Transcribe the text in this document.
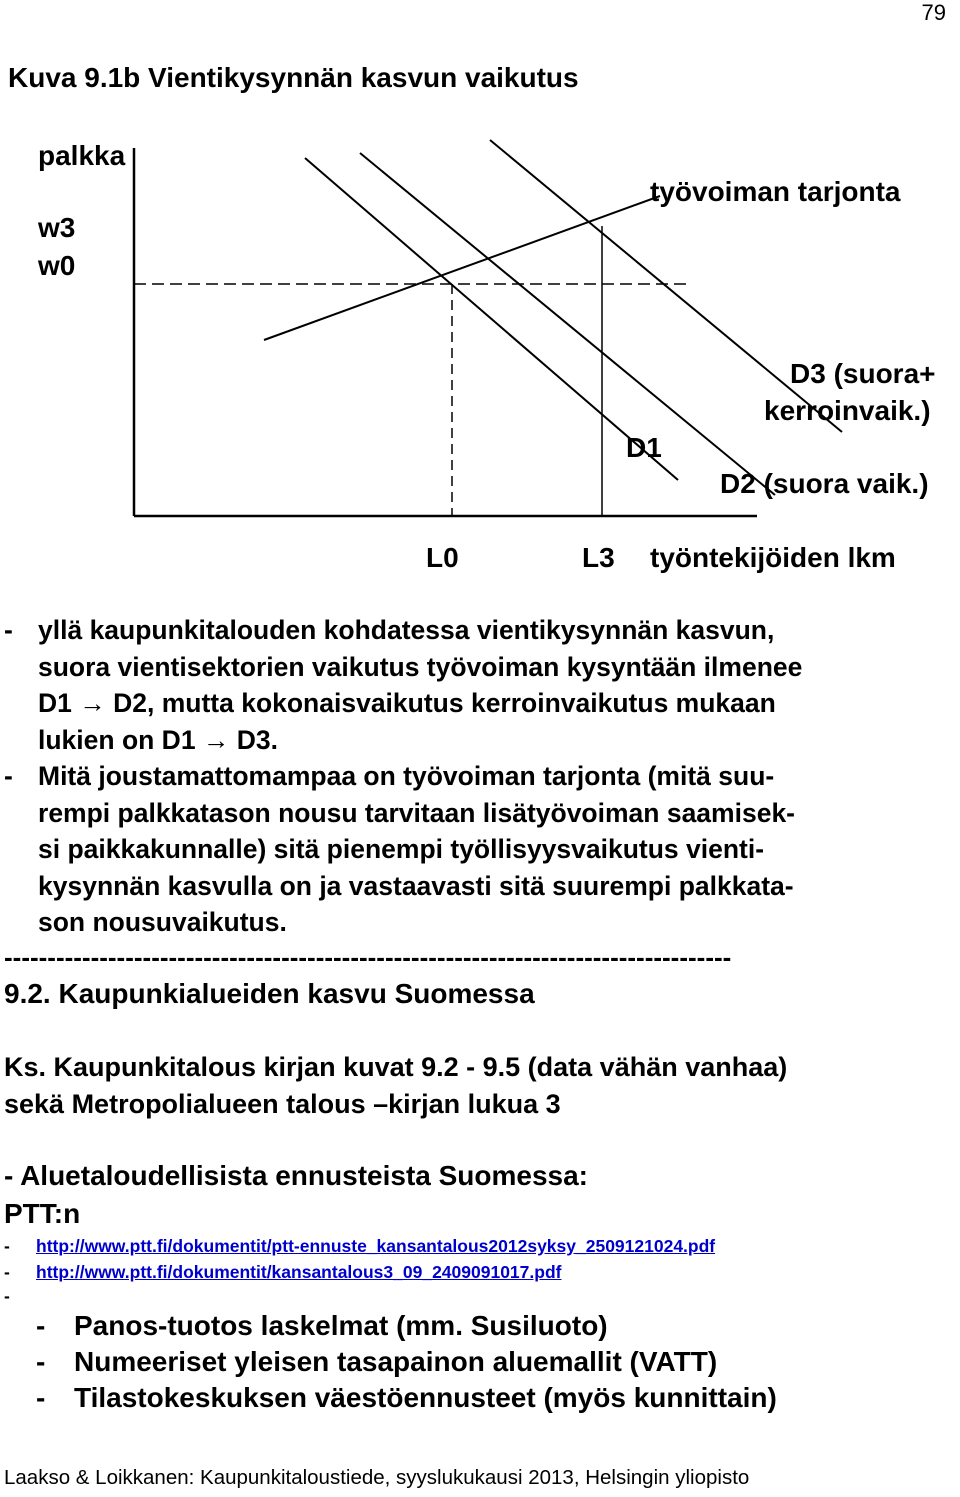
79
Kuva 9.1b Vientikysynnän kasvun vaikutus
palkka
w3
w0
työvoiman tarjonta
D3 (suora+
kerroinvaik.)
D1
D2 (suora vaik.)
L0	L3 työntekijöiden lkm
- yllä kaupunkitalouden kohdatessa vientikysynnän kasvun,
suora vientisektorien vaikutus työvoiman kysyntään ilmenee
D1 → D2, mutta kokonaisvaikutus kerroinvaikutus mukaan
lukien on D1 → D3.
- Mitä joustamattomampaa on työvoiman tarjonta (mitä suu-
rempi palkkatason nousu tarvitaan lisätyövoiman saamisek-
si paikkakunnalle) sitä pienempi työllisyysvaikutus vienti-
kysynnän kasvulla on ja vastaavasti sitä suurempi palkkata-
son nousuvaikutus.
------------------------------------------------------------------------------------
9.2. Kaupunkialueiden kasvu Suomessa
Ks. Kaupunkitalous kirjan kuvat 9.2 - 9.5 (data vähän vanhaa)
sekä Metropolialueen talous –kirjan lukua 3
- Aluetaloudellisista ennusteista Suomessa:
PTT:n
- http://www.ptt.fi/dokumentit/ptt-ennuste_kansantalous2012syksy_2509121024.pdf
- http://www.ptt.fi/dokumentit/kansantalous3_09_2409091017.pdf
-
- Panos-tuotos laskelmat (mm. Susiluoto)
- Numeeriset yleisen tasapainon aluemallit (VATT)
- Tilastokeskuksen väestöennusteet (myös kunnittain)
Laakso & Loikkanen: Kaupunkitaloustiede, syyslukukausi 2013, Helsingin yliopisto
